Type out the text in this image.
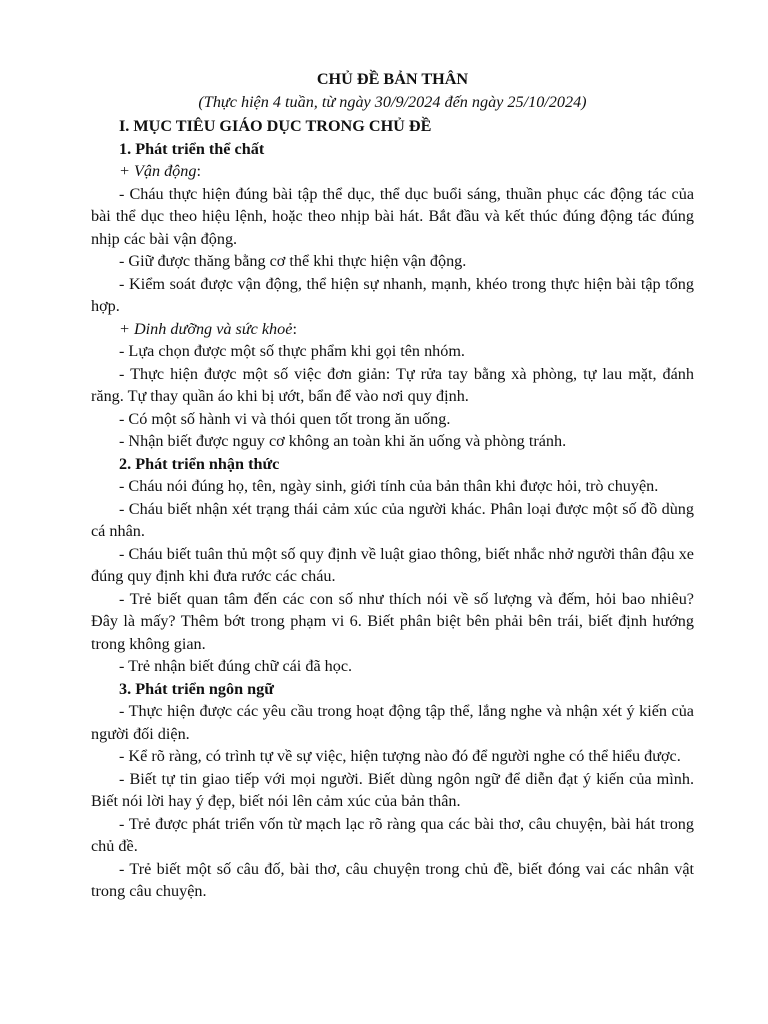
CHỦ ĐỀ BẢN THÂN

(Thực hiện 4 tuần, từ ngày 30/9/2024 đến ngày 25/10/2024)

I. MỤC TIÊU GIÁO DỤC TRONG CHỦ ĐỀ

1. Phát triển thể chất

+ Vận động:

- Cháu thực hiện đúng bài tập thể dục, thể dục buổi sáng, thuần phục các động tác của bài thể dục theo hiệu lệnh, hoặc theo nhịp bài hát. Bắt đầu và kết thúc đúng động tác đúng nhịp các bài vận động.

- Giữ được thăng bằng cơ thể khi thực hiện vận động.

- Kiểm soát được vận động, thể hiện sự nhanh, mạnh, khéo trong thực hiện bài tập tổng hợp.

+ Dinh dưỡng và sức khoẻ:

- Lựa chọn được một số thực phẩm khi gọi tên nhóm.

- Thực hiện được một số việc đơn giản: Tự rửa tay bằng xà phòng, tự lau mặt, đánh răng. Tự thay quần áo khi bị ướt, bẩn để vào nơi quy định.

- Có một số hành vi và thói quen tốt trong ăn uống.

- Nhận biết được nguy cơ không an toàn khi ăn uống và phòng tránh.

2. Phát triển nhận thức

- Cháu nói đúng họ, tên, ngày sinh, giới tính của bản thân khi được hỏi, trò chuyện.

- Cháu biết nhận xét trạng thái cảm xúc của người khác. Phân loại được một số đồ dùng cá nhân.

- Cháu biết tuân thủ một số quy định về luật giao thông, biết nhắc nhở người thân đậu xe đúng quy định khi đưa rước các cháu.

- Trẻ biết quan tâm đến các con số như thích nói về số lượng và đếm, hỏi bao nhiêu? Đây là mấy? Thêm bớt trong phạm vi 6. Biết phân biệt bên phải bên trái, biết định hướng trong không gian.

- Trẻ nhận biết đúng chữ cái đã học.

3. Phát triển ngôn ngữ

- Thực hiện được các yêu cầu trong hoạt động tập thể, lắng nghe và nhận xét ý kiến của người đối diện.

- Kể rõ ràng, có trình tự về sự việc, hiện tượng nào đó để người nghe có thể hiểu được.

- Biết tự tin giao tiếp với mọi người. Biết dùng ngôn ngữ để diễn đạt ý kiến của mình. Biết nói lời hay ý đẹp, biết nói lên cảm xúc của bản thân.

- Trẻ được phát triển vốn từ mạch lạc rõ ràng qua các bài thơ, câu chuyện, bài hát trong chủ đề.

- Trẻ biết một số câu đố, bài thơ, câu chuyện trong chủ đề, biết đóng vai các nhân vật trong câu chuyện.
